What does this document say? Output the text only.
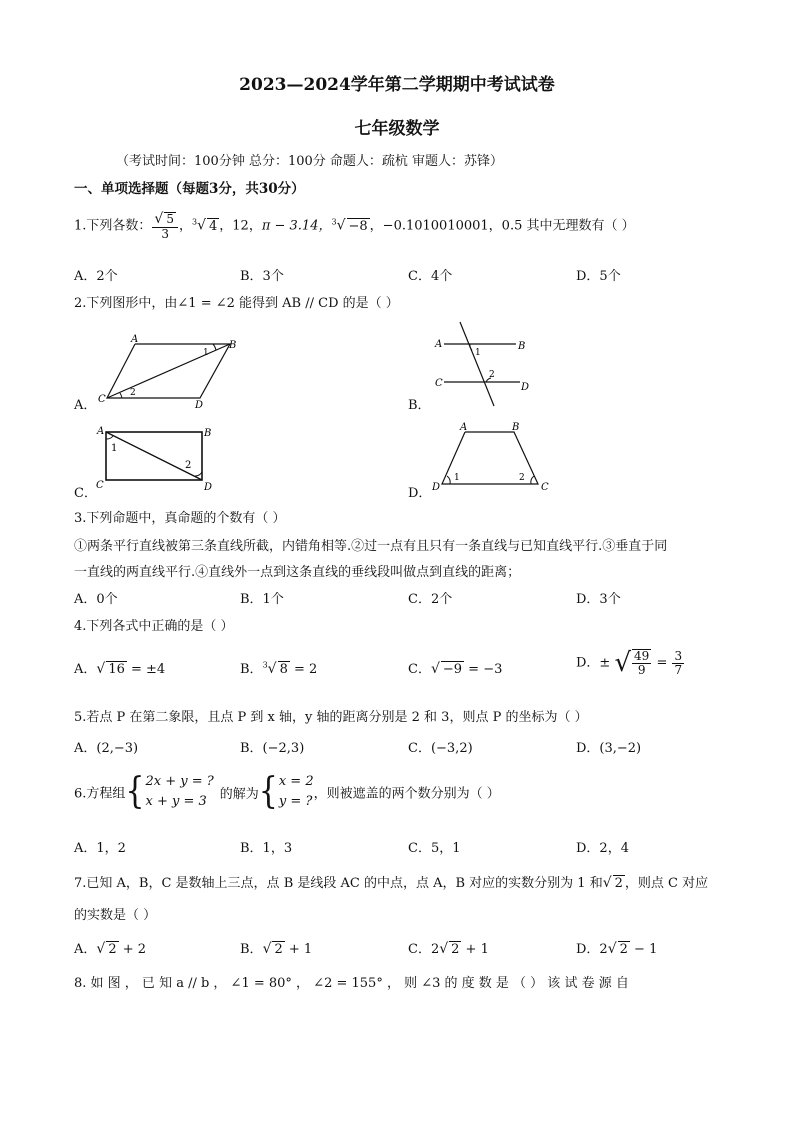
2023—2024学年第二学期期中考试试卷
七年级数学
（考试时间：100分钟 总分：100分 命题人：疏杭 审题人：苏锋）
一、单项选择题（每题3分，共30分）
1.下列各数： $\frac{√ 5}{3}$ ，$^3$√ 4 ，12，π − 3.14，$^3$√ −8 ，−0.1010010001，0.5 其中无理数有（ ）
A．2个	B．3个	C．4个	D．5个
2.下列图形中，由∠1 = ∠2 能得到 AB // CD 的是（ ）
A
B
C
D
1
2
A．
A	B
C	D
1
2
B．
A	B
C	D
1
2
C．
A	B
C
D
1	2
D．
3.下列命题中，真命题的个数有（ ）
①两条平行直线被第三条直线所截，内错角相等.②过一点有且只有一条直线与已知直线平行.③垂直于同
一直线的两直线平行.④直线外一点到这条直线的垂线段叫做点到直线的距离；
A．0个	B．1个	C．2个	D．3个
4.下列各式中正确的是（ ）
A．√ 16 = ±4	B．$^3$√ 8 = 2	C．√ −9 = −3	D．± √ $\frac{49}{9} = \frac{3}{7}$
5.若点 P 在第二象限，且点 P 到 x 轴，y 轴的距离分别是 2 和 3，则点 P 的坐标为（ ）
A．(2,−3)	B．(−2,3)	C．(−3,2)	D．(3,−2)
6.方程组{ 2x + y = ?
x + y = 3 的解为{ x = 2
y = ? ，则被遮盖的两个数分别为（ ）
A．1，2	B．1，3	C．5，1	D．2，4
7.已知 A，B，C 是数轴上三点，点 B 是线段 AC 的中点，点 A，B 对应的实数分别为 1 和√ 2 ，则点 C 对应
的实数是（ ）
A．√ 2 + 2	B．√ 2 + 1	C．2√ 2 + 1	D．2√ 2 − 1
8. 如 图 ， 已 知 a // b ， ∠1 = 80° ， ∠2 = 155° ， 则 ∠3 的 度 数 是 （ ） 该 试 卷 源 自
